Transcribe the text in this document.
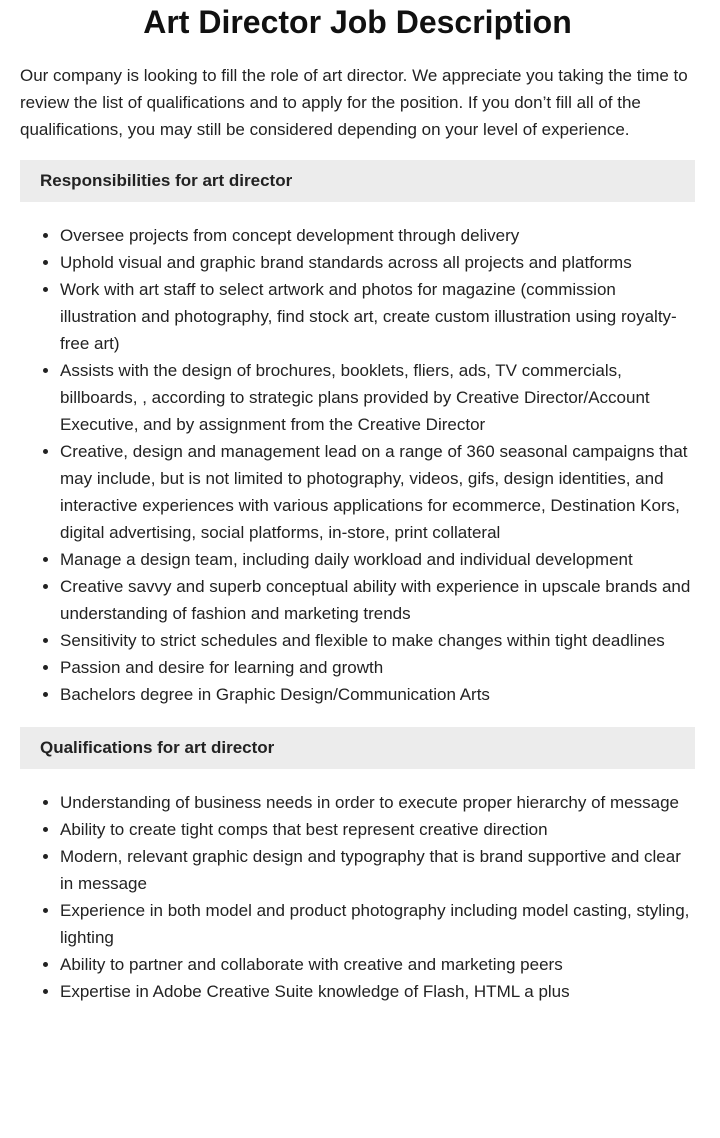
Art Director Job Description

Our company is looking to fill the role of art director. We appreciate you taking the time to review the list of qualifications and to apply for the position. If you don’t fill all of the qualifications, you may still be considered depending on your level of experience.

Responsibilities for art director
• Oversee projects from concept development through delivery
• Uphold visual and graphic brand standards across all projects and platforms
• Work with art staff to select artwork and photos for magazine (commission illustration and photography, find stock art, create custom illustration using royalty-free art)
• Assists with the design of brochures, booklets, fliers, ads, TV commercials, billboards, , according to strategic plans provided by Creative Director/Account Executive, and by assignment from the Creative Director
• Creative, design and management lead on a range of 360 seasonal campaigns that may include, but is not limited to photography, videos, gifs, design identities, and interactive experiences with various applications for ecommerce, Destination Kors, digital advertising, social platforms, in-store, print collateral
• Manage a design team, including daily workload and individual development
• Creative savvy and superb conceptual ability with experience in upscale brands and understanding of fashion and marketing trends
• Sensitivity to strict schedules and flexible to make changes within tight deadlines
• Passion and desire for learning and growth
• Bachelors degree in Graphic Design/Communication Arts
Qualifications for art director
• Understanding of business needs in order to execute proper hierarchy of message
• Ability to create tight comps that best represent creative direction
• Modern, relevant graphic design and typography that is brand supportive and clear in message
• Experience in both model and product photography including model casting, styling, lighting
• Ability to partner and collaborate with creative and marketing peers
• Expertise in Adobe Creative Suite knowledge of Flash, HTML a plus
